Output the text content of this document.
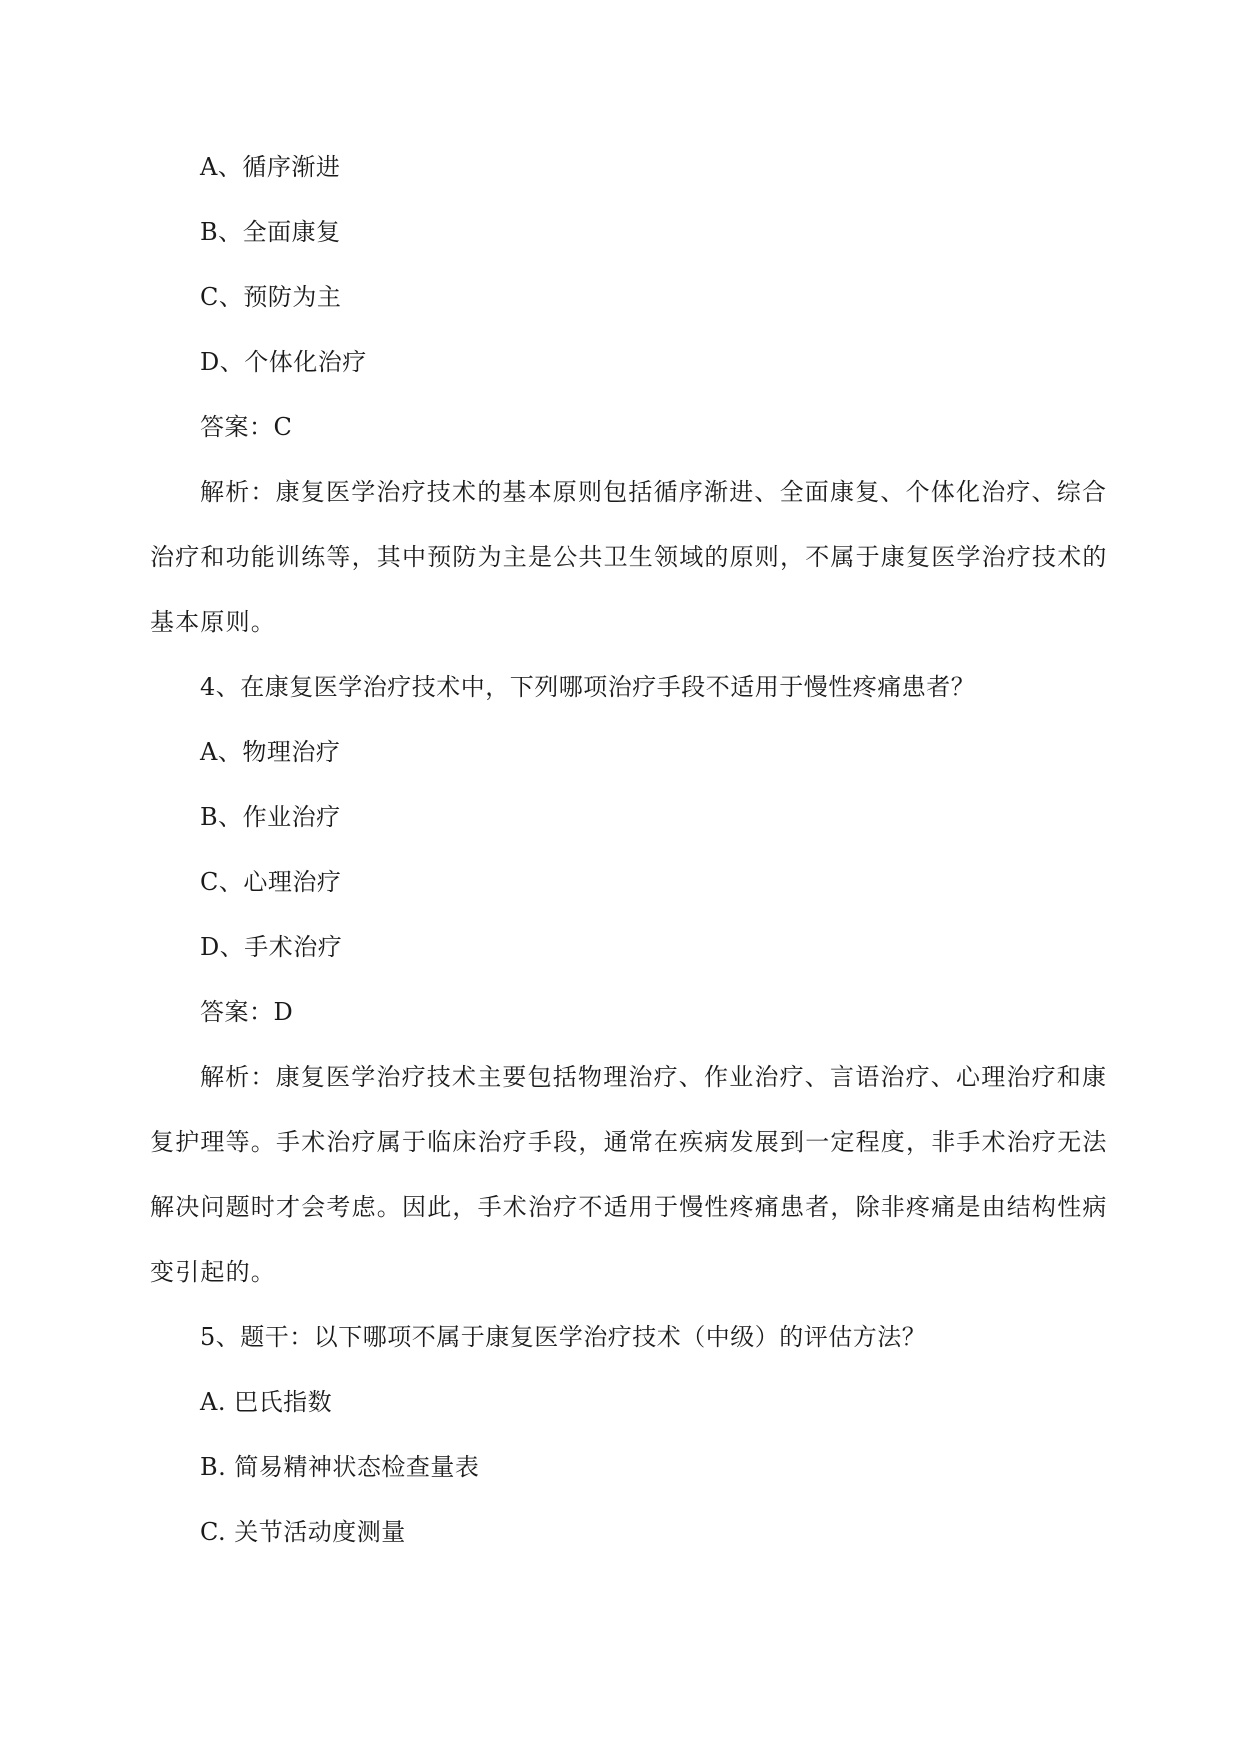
A、循序渐进
B、全面康复
C、预防为主
D、个体化治疗
答案：C
解析：康复医学治疗技术的基本原则包括循序渐进、全面康复、个体化治疗、综合
治疗和功能训练等，其中预防为主是公共卫生领域的原则，不属于康复医学治疗技术的
基本原则。
4、在康复医学治疗技术中，下列哪项治疗手段不适用于慢性疼痛患者？
A、物理治疗
B、作业治疗
C、心理治疗
D、手术治疗
答案：D
解析：康复医学治疗技术主要包括物理治疗、作业治疗、言语治疗、心理治疗和康
复护理等。手术治疗属于临床治疗手段，通常在疾病发展到一定程度，非手术治疗无法
解决问题时才会考虑。因此，手术治疗不适用于慢性疼痛患者，除非疼痛是由结构性病
变引起的。
5、题干：以下哪项不属于康复医学治疗技术（中级）的评估方法？
A. 巴氏指数
B. 简易精神状态检查量表
C. 关节活动度测量
